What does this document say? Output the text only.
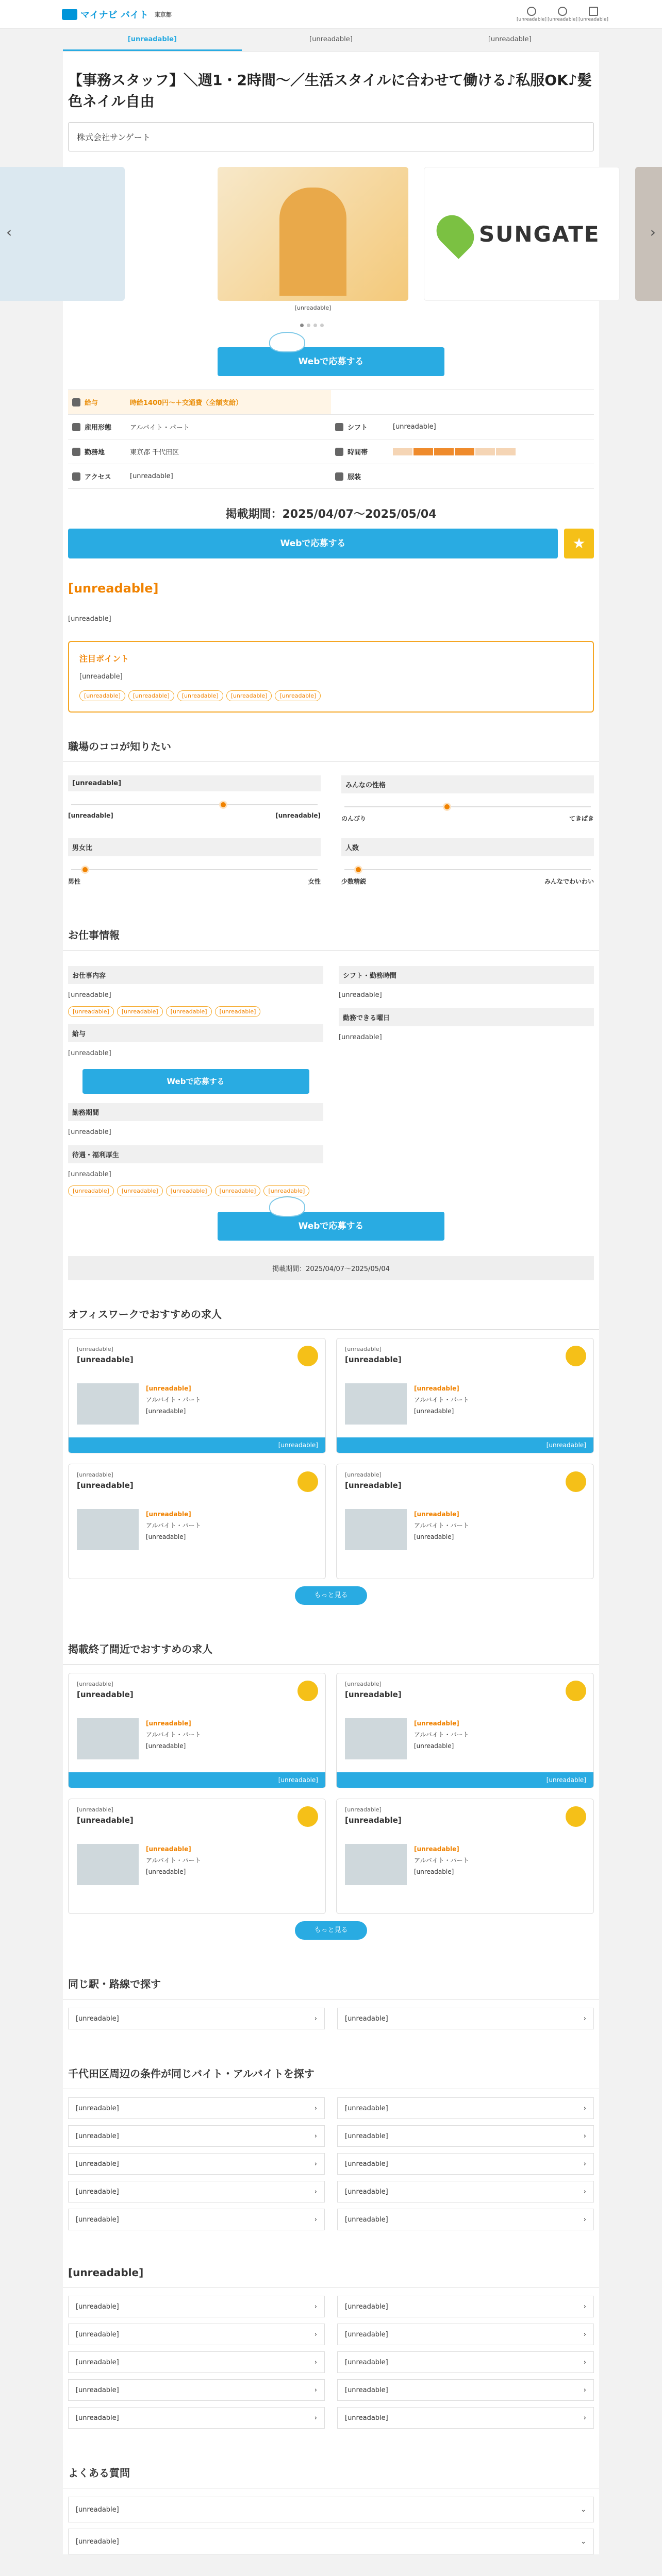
マイナビ バイト 東京都
[unreadable] [unreadable] [unreadable]
[unreadable]	[unreadable]	[unreadable]
【事務スタッフ】＼週1・2時間～／生活スタイルに合わせて働ける♪私服OK♪髪色ネイル自由
株式会社サンゲート
SUNGATE
‹	›
[unreadable]
Webで応募する
給与	時給1400円〜＋交通費（全額支給）
雇用形態	アルバイト・パート	シフト	[unreadable]
勤務地	東京都 千代田区	時間帯
アクセス	[unreadable]	服装
掲載期間：2025/04/07〜2025/05/04
Webで応募する	★
[unreadable]

[unreadable]

注目ポイント

[unreadable]

[unreadable]	[unreadable]	[unreadable]	[unreadable]	[unreadable]
職場のココが知りたい
[unreadable]
[unreadable]	[unreadable]
みんなの性格
のんびり	てきぱき
男女比
男性	女性
人数
少数精鋭	みんなでわいわい
お仕事情報
お仕事内容

[unreadable]

[unreadable]	[unreadable]	[unreadable]	[unreadable]
給与

[unreadable]

Webで応募する
勤務期間

[unreadable]

待遇・福利厚生

[unreadable]

[unreadable]	[unreadable]	[unreadable]	[unreadable]	[unreadable]
シフト・勤務時間

[unreadable]

勤務できる曜日

[unreadable]

Webで応募する
掲載期間：2025/04/07〜2025/05/04
オフィスワークでおすすめの求人
[unreadable]
[unreadable]
[unreadable]
アルバイト・パート
[unreadable]
[unreadable]
[unreadable]
[unreadable]
[unreadable]
アルバイト・パート
[unreadable]
[unreadable]
[unreadable]
[unreadable]
[unreadable]
アルバイト・パート
[unreadable]
[unreadable]
[unreadable]
[unreadable]
アルバイト・パート
[unreadable]
もっと見る
掲載終了間近でおすすめの求人
[unreadable]
[unreadable]
[unreadable]
アルバイト・パート
[unreadable]
[unreadable]
[unreadable]
[unreadable]
[unreadable]
アルバイト・パート
[unreadable]
[unreadable]
[unreadable]
[unreadable]
[unreadable]
アルバイト・パート
[unreadable]
[unreadable]
[unreadable]
[unreadable]
アルバイト・パート
[unreadable]
もっと見る
同じ駅・路線で探す
[unreadable]	›	[unreadable]	›
千代田区周辺の条件が同じバイト・アルバイトを探す
[unreadable]	›	[unreadable]	›
[unreadable]	›	[unreadable]	›
[unreadable]	›	[unreadable]	›
[unreadable]	›	[unreadable]	›
[unreadable]	›	[unreadable]	›
[unreadable]
[unreadable]	›	[unreadable]	›
[unreadable]	›	[unreadable]	›
[unreadable]	›	[unreadable]	›
[unreadable]	›	[unreadable]	›
[unreadable]	›	[unreadable]	›
よくある質問
[unreadable]	⌄
[unreadable]	⌄
